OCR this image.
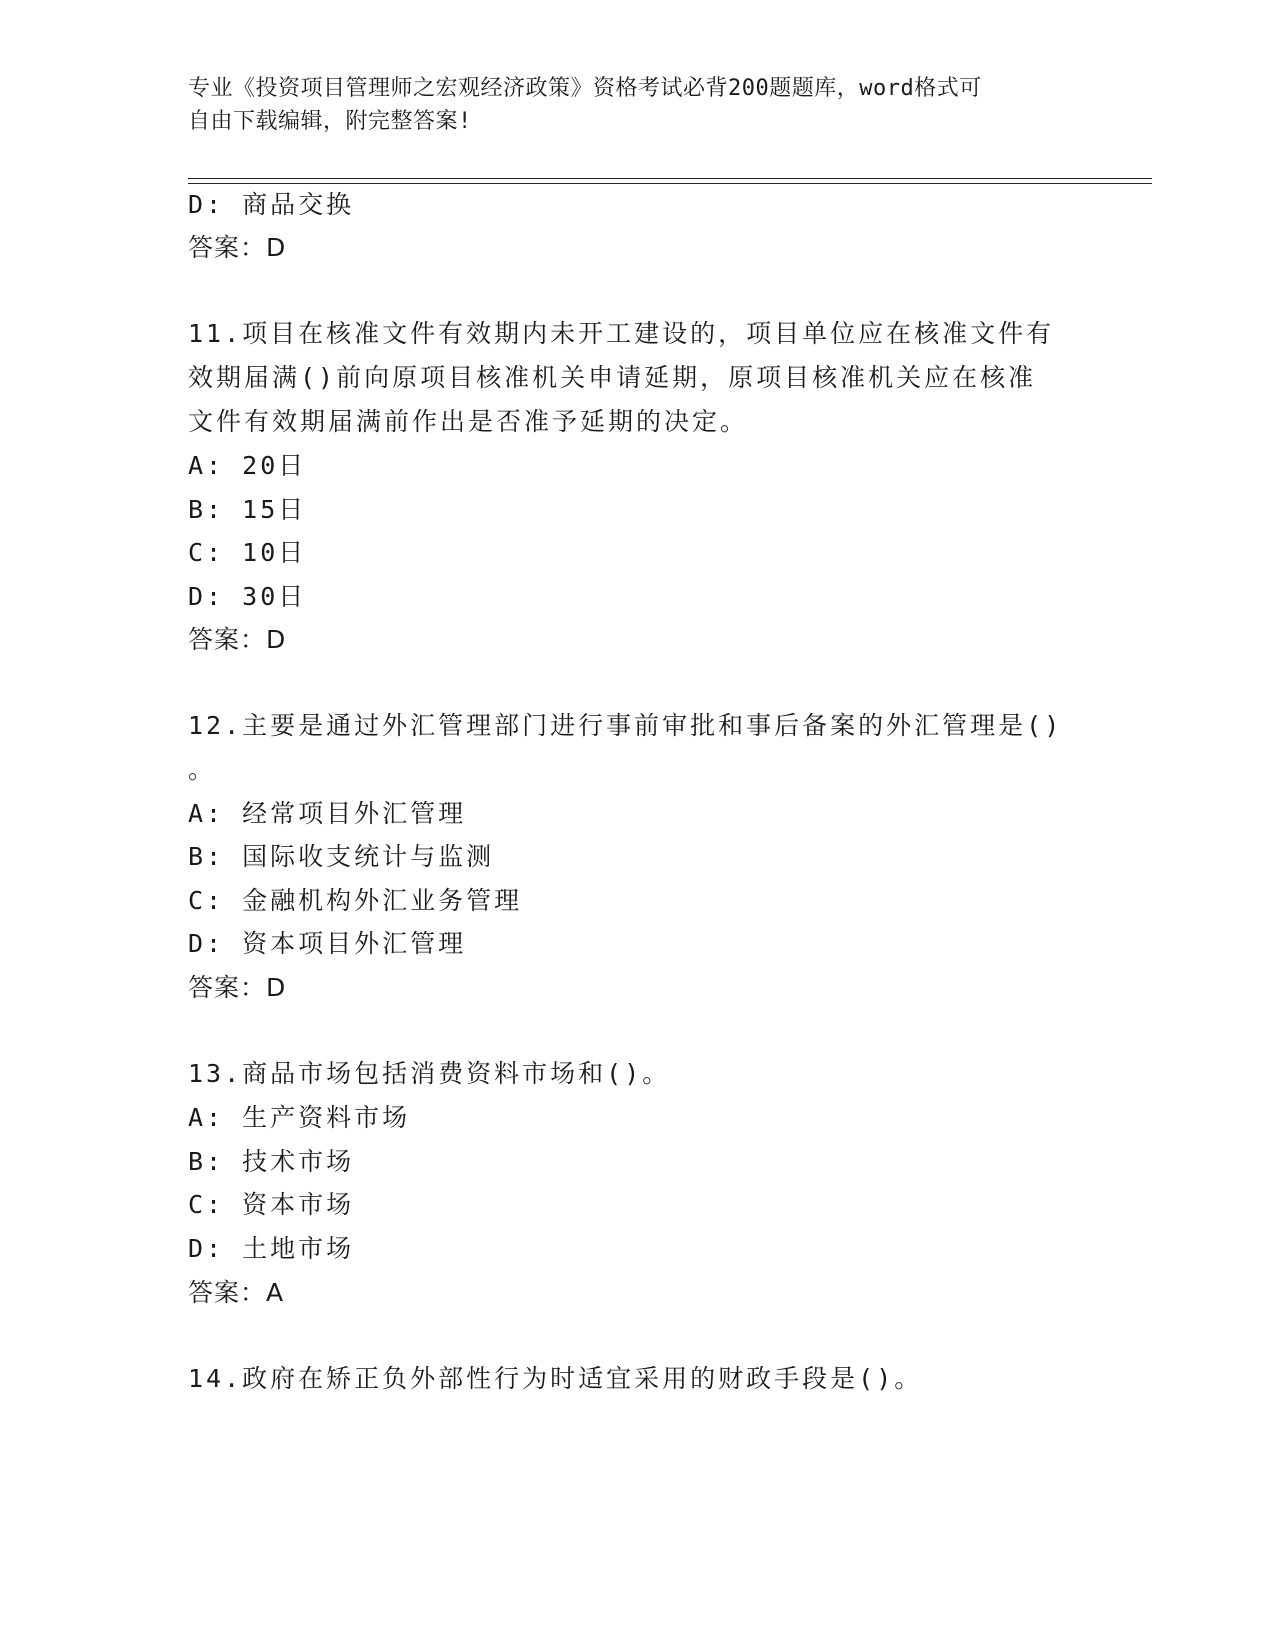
专业《投资项目管理师之宏观经济政策》资格考试必背200题题库，word格式可
自由下载编辑，附完整答案!
D: 商品交换
答案：D
11.项目在核准文件有效期内未开工建设的，项目单位应在核准文件有
效期届满()前向原项目核准机关申请延期，原项目核准机关应在核准
文件有效期届满前作出是否准予延期的决定。
A: 20日
B: 15日
C: 10日
D: 30日
答案：D
12.主要是通过外汇管理部门进行事前审批和事后备案的外汇管理是()
。
A: 经常项目外汇管理
B: 国际收支统计与监测
C: 金融机构外汇业务管理
D: 资本项目外汇管理
答案：D
13.商品市场包括消费资料市场和()。
A: 生产资料市场
B: 技术市场
C: 资本市场
D: 土地市场
答案：A
14.政府在矫正负外部性行为时适宜采用的财政手段是()。
